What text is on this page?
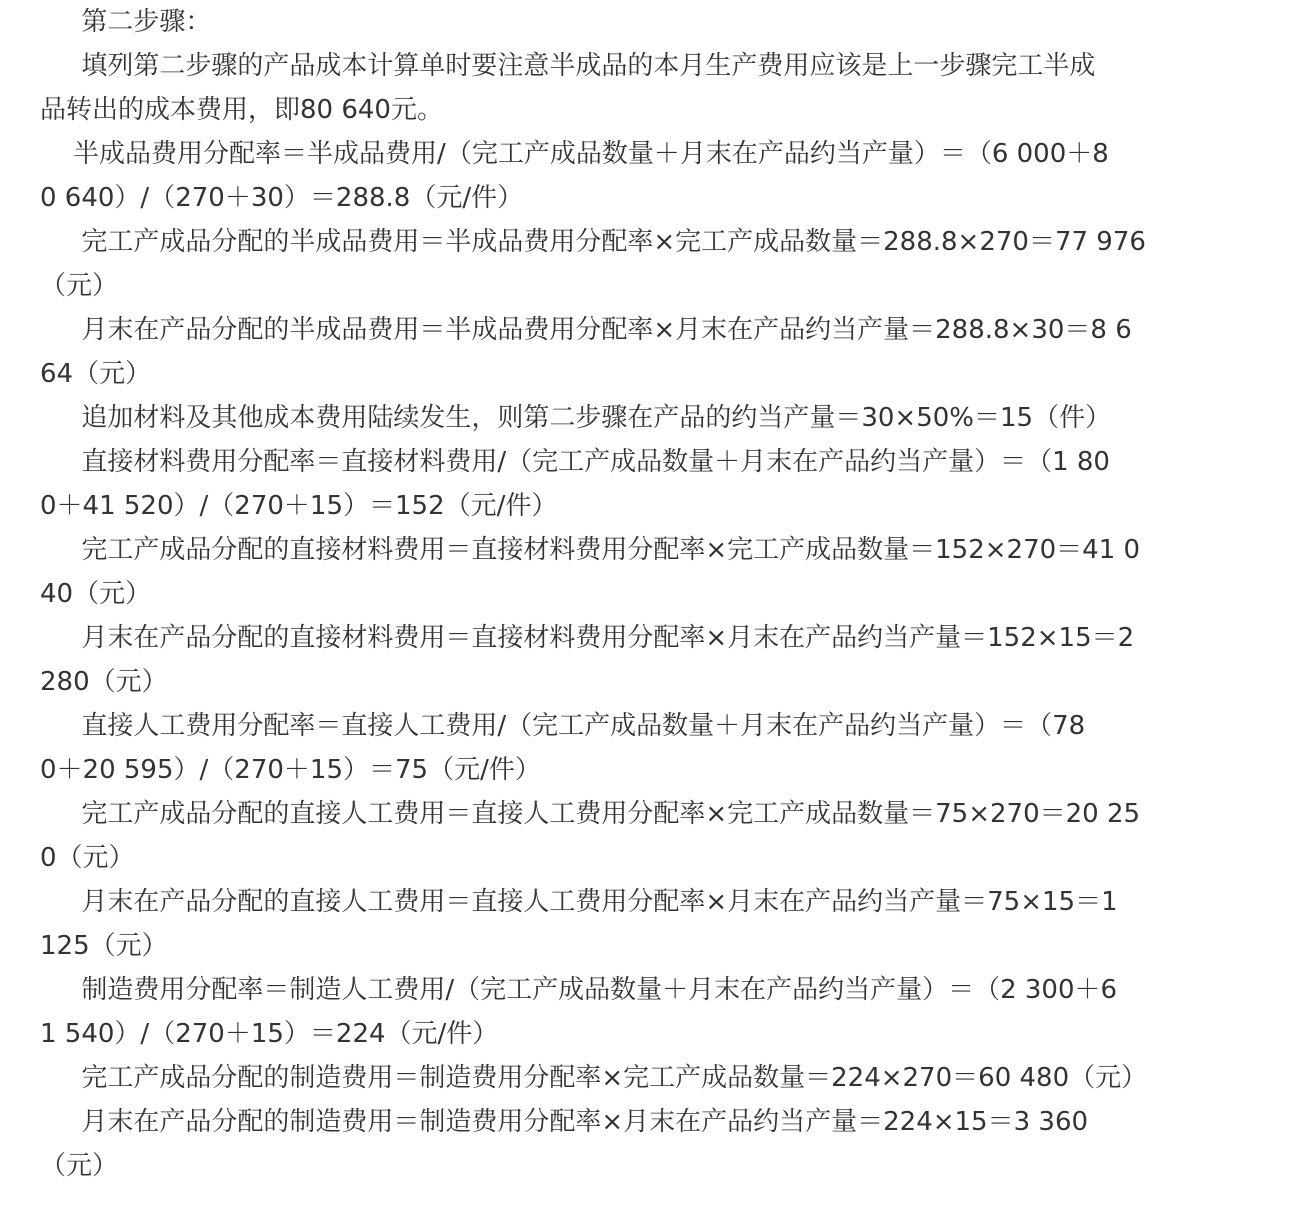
第二步骤：
填列第二步骤的产品成本计算单时要注意半成品的本月生产费用应该是上一步骤完工半成
品转出的成本费用，即80 640元。
半成品费用分配率＝半成品费用/（完工产成品数量＋月末在产品约当产量）＝（6 000＋8
0 640）/（270＋30）＝288.8（元/件）
完工产成品分配的半成品费用＝半成品费用分配率×完工产成品数量＝288.8×270＝77 976
（元）
月末在产品分配的半成品费用＝半成品费用分配率×月末在产品约当产量＝288.8×30＝8 6
64（元）
追加材料及其他成本费用陆续发生，则第二步骤在产品的约当产量＝30×50%＝15（件）
直接材料费用分配率＝直接材料费用/（完工产成品数量＋月末在产品约当产量）＝（1 80
0＋41 520）/（270＋15）＝152（元/件）
完工产成品分配的直接材料费用＝直接材料费用分配率×完工产成品数量＝152×270＝41 0
40（元）
月末在产品分配的直接材料费用＝直接材料费用分配率×月末在产品约当产量＝152×15＝2
280（元）
直接人工费用分配率＝直接人工费用/（完工产成品数量＋月末在产品约当产量）＝（78
0＋20 595）/（270＋15）＝75（元/件）
完工产成品分配的直接人工费用＝直接人工费用分配率×完工产成品数量＝75×270＝20 25
0（元）
月末在产品分配的直接人工费用＝直接人工费用分配率×月末在产品约当产量＝75×15＝1
125（元）
制造费用分配率＝制造人工费用/（完工产成品数量＋月末在产品约当产量）＝（2 300＋6
1 540）/（270＋15）＝224（元/件）
完工产成品分配的制造费用＝制造费用分配率×完工产成品数量＝224×270＝60 480（元）
月末在产品分配的制造费用＝制造费用分配率×月末在产品约当产量＝224×15＝3 360
（元）
